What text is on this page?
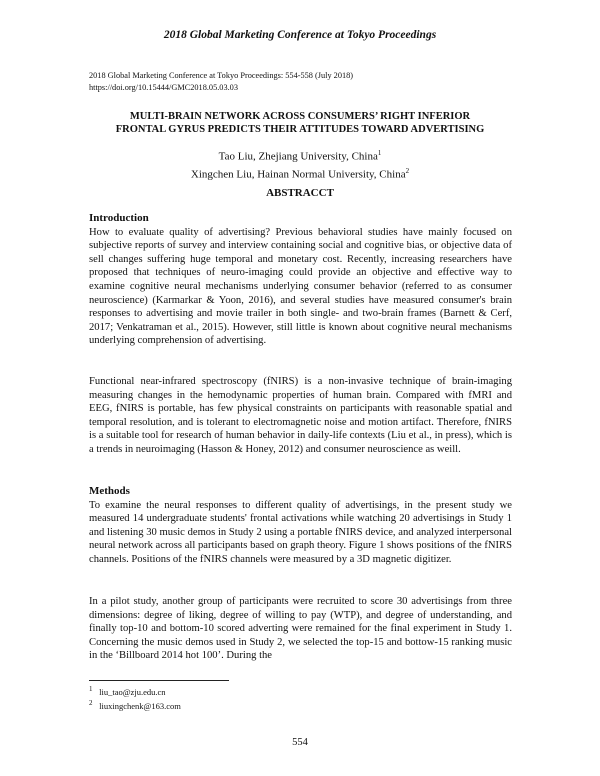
2018 Global Marketing Conference at Tokyo Proceedings
2018 Global Marketing Conference at Tokyo Proceedings: 554-558 (July 2018)
https://doi.org/10.15444/GMC2018.05.03.03
MULTI-BRAIN NETWORK ACROSS CONSUMERS’ RIGHT INFERIOR
FRONTAL GYRUS PREDICTS THEIR ATTITUDES TOWARD ADVERTISING
Tao Liu, Zhejiang University, China$^1$
Xingchen Liu, Hainan Normal University, China$^2$
ABSTRACCT
Introduction

How to evaluate quality of advertising? Previous behavioral studies have mainly focused on subjective reports of survey and interview containing social and cognitive bias, or objective data of sell changes suffering huge temporal and monetary cost. Recently, increasing researchers have proposed that techniques of neuro-imaging could provide an objective and effective way to examine cognitive neural mechanisms underlying consumer behavior (referred to as consumer neuroscience) (Karmarkar & Yoon, 2016), and several studies have measured consumer's brain responses to advertising and movie trailer in both single- and two-brain frames (Barnett & Cerf, 2017; Venkatraman et al., 2015). However, still little is known about cognitive neural mechanisms underlying comprehension of advertising.

Functional near-infrared spectroscopy (fNIRS) is a non-invasive technique of brain-imaging measuring changes in the hemodynamic properties of human brain. Compared with fMRI and EEG, fNIRS is portable, has few physical constraints on participants with reasonable spatial and temporal resolution, and is tolerant to electromagnetic noise and motion artifact. Therefore, fNIRS is a suitable tool for research of human behavior in daily-life contexts (Liu et al., in press), which is a trends in neuroimaging (Hasson & Honey, 2012) and consumer neuroscience as weill.

Methods

To examine the neural responses to different quality of advertisings, in the present study we measured 14 undergraduate students' frontal activations while watching 20 advertisings in Study 1 and listening 30 music demos in Study 2 using a portable fNIRS device, and analyzed interpersonal neural network across all participants based on graph theory. Figure 1 shows positions of the fNIRS channels. Positions of the fNIRS channels were measured by a 3D magnetic digitizer.

In a pilot study, another group of participants were recruited to score 30 advertisings from three dimensions: degree of liking, degree of willing to pay (WTP), and degree of understanding, and finally top-10 and bottom-10 scored adverting were remained for the final experiment in Study 1. Concerning the music demos used in Study 2, we selected the top-15 and bottow-15 ranking music in the ‘Billboard 2014 hot 100’. During the

$^1$ liu_tao@zju.edu.cn
$^2$ liuxingchenk@163.com
554
